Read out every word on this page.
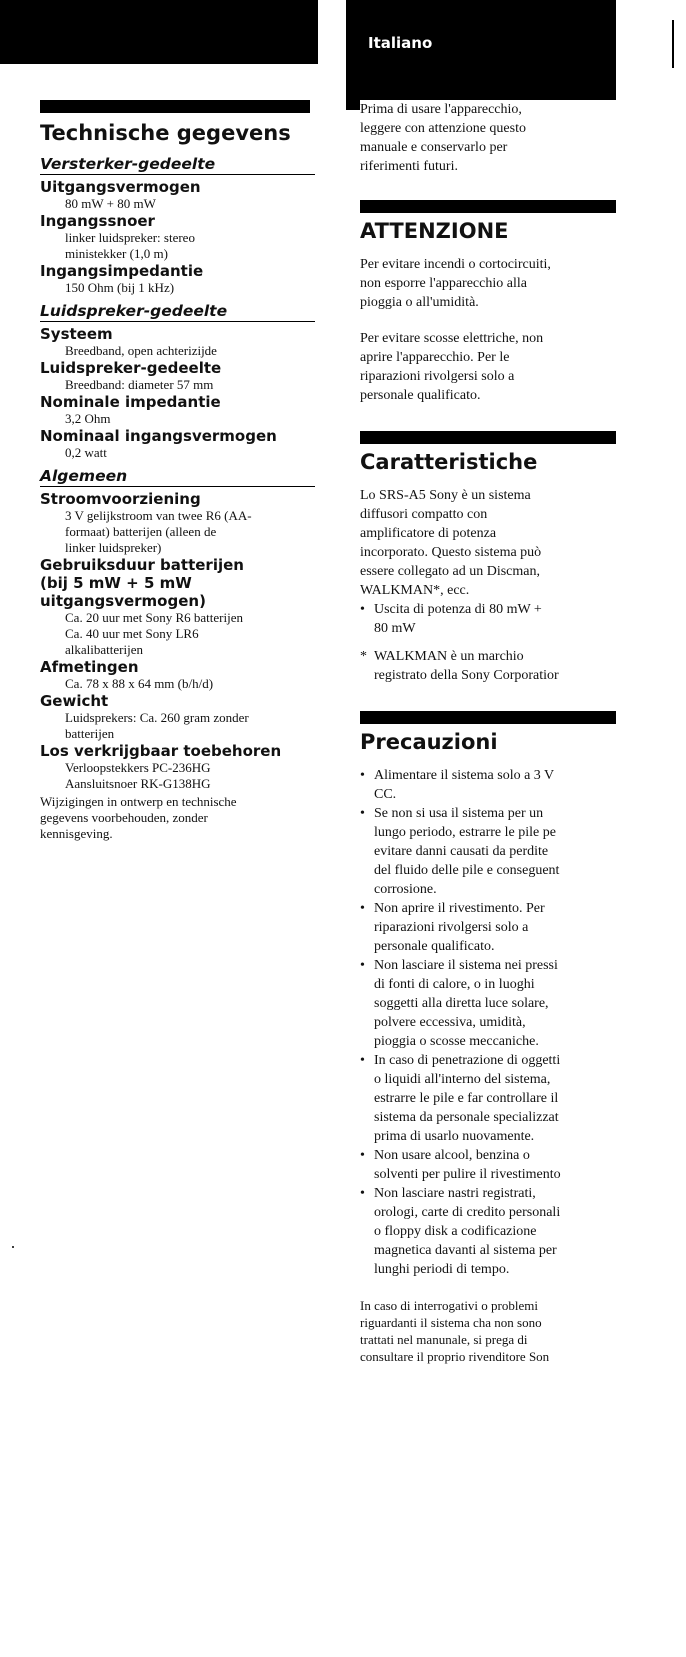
Technische gegevens
Versterker-gedeelte
Uitgangsvermogen
80 mW + 80 mW
Ingangssnoer
linker luidspreker: stereo
ministekker (1,0 m)
Ingangsimpedantie
150 Ohm (bij 1 kHz)
Luidspreker-gedeelte
Systeem
Breedband, open achterizijde
Luidspreker-gedeelte
Breedband: diameter 57 mm
Nominale impedantie
3,2 Ohm
Nominaal ingangsvermogen
0,2 watt
Algemeen
Stroomvoorziening
3 V gelijkstroom van twee R6 (AA-
formaat) batterijen (alleen de
linker luidspreker)
Gebruiksduur batterijen
(bij 5 mW + 5 mW
uitgangsvermogen)
Ca. 20 uur met Sony R6 batterijen
Ca. 40 uur met Sony LR6
alkalibatterijen
Afmetingen
Ca. 78 x 88 x 64 mm (b/h/d)
Gewicht
Luidsprekers: Ca. 260 gram zonder
batterijen
Los verkrijgbaar toebehoren
Verloopstekkers PC-236HG
Aansluitsnoer RK-G138HG
Wijzigingen in ontwerp en technische
gegevens voorbehouden, zonder
kennisgeving.
Italiano
Prima di usare l'apparecchio,
leggere con attenzione questo
manuale e conservarlo per
riferimenti futuri.
ATTENZIONE
Per evitare incendi o cortocircuiti,
non esporre l'apparecchio alla
pioggia o all'umidità.
Per evitare scosse elettriche, non
aprire l'apparecchio. Per le
riparazioni rivolgersi solo a
personale qualificato.
Caratteristiche
Lo SRS-A5 Sony è un sistema
diffusori compatto con
amplificatore di potenza
incorporato. Questo sistema può
essere collegato ad un Discman,
WALKMAN*, ecc.
• Uscita di potenza di 80 mW +
80 mW
* WALKMAN è un marchio
registrato della Sony Corporatior
Precauzioni
• Alimentare il sistema solo a 3 V
CC.
• Se non si usa il sistema per un
lungo periodo, estrarre le pile pe
evitare danni causati da perdite
del fluido delle pile e conseguent
corrosione.
• Non aprire il rivestimento. Per
riparazioni rivolgersi solo a
personale qualificato.
• Non lasciare il sistema nei pressi
di fonti di calore, o in luoghi
soggetti alla diretta luce solare,
polvere eccessiva, umidità,
pioggia o scosse meccaniche.
• In caso di penetrazione di oggetti
o liquidi all'interno del sistema,
estrarre le pile e far controllare il
sistema da personale specializzat
prima di usarlo nuovamente.
• Non usare alcool, benzina o
solventi per pulire il rivestimento
• Non lasciare nastri registrati,
orologi, carte di credito personali
o floppy disk a codificazione
magnetica davanti al sistema per
lunghi periodi di tempo.
In caso di interrogativi o problemi
riguardanti il sistema cha non sono
trattati nel manunale, si prega di
consultare il proprio rivenditore Son
